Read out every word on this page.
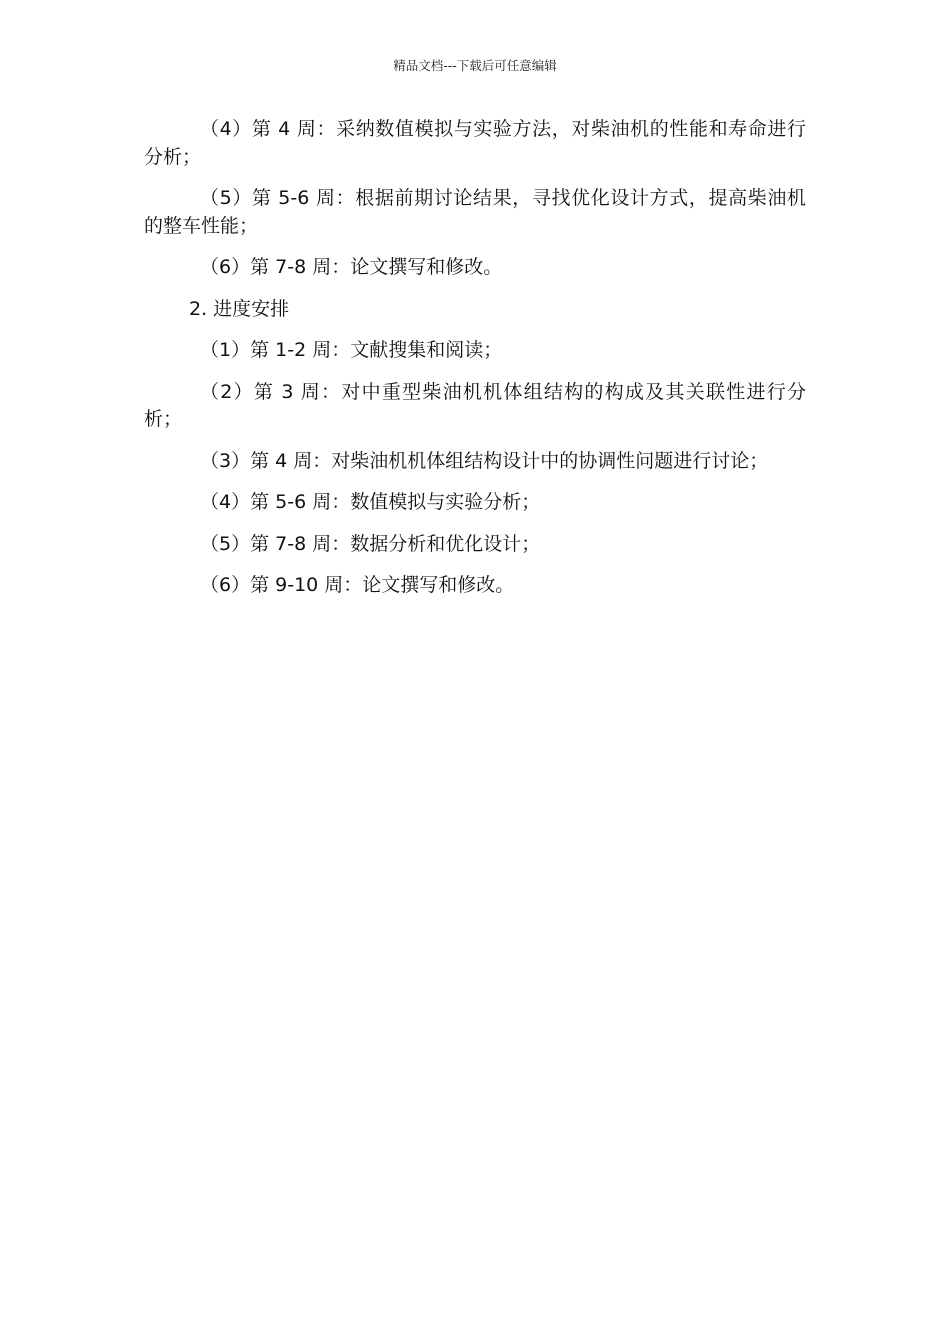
精品文档---下载后可任意编辑

（4）第 4 周：采纳数值模拟与实验方法，对柴油机的性能和寿命进行分析；

（5）第 5-6 周：根据前期讨论结果，寻找优化设计方式，提高柴油机的整车性能；

（6）第 7-8 周：论文撰写和修改。

2. 进度安排

（1）第 1-2 周：文献搜集和阅读；

（2）第 3 周：对中重型柴油机机体组结构的构成及其关联性进行分析；

（3）第 4 周：对柴油机机体组结构设计中的协调性问题进行讨论；

（4）第 5-6 周：数值模拟与实验分析；

（5）第 7-8 周：数据分析和优化设计；

（6）第 9-10 周：论文撰写和修改。
